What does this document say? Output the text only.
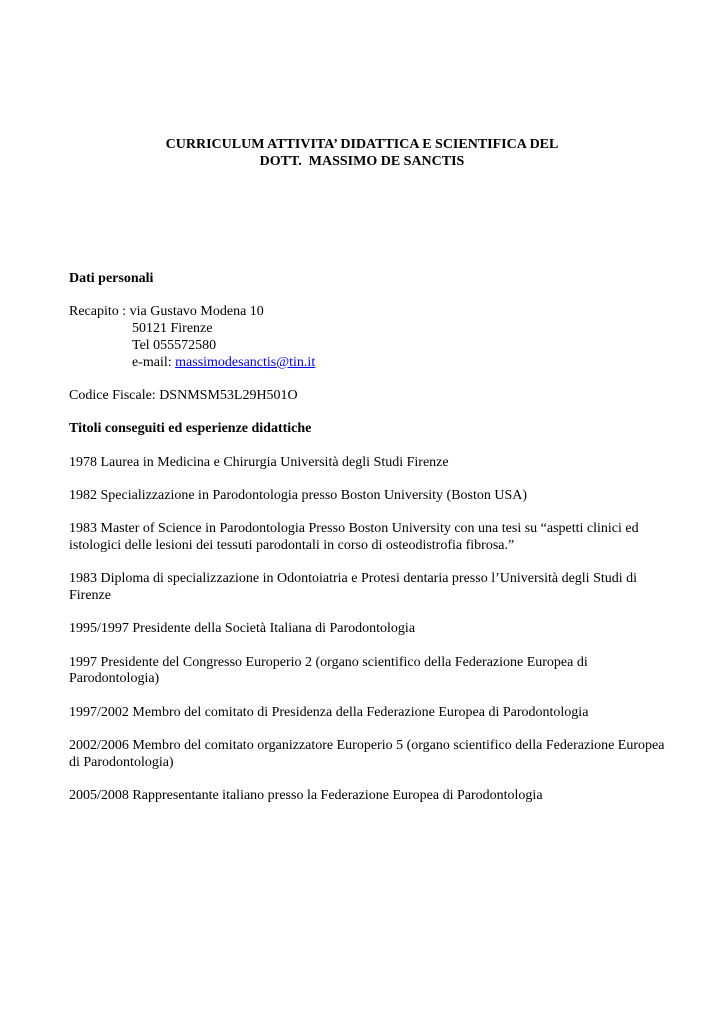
CURRICULUM ATTIVITA’ DIDATTICA E SCIENTIFICA DEL
DOTT.  MASSIMO DE SANCTIS

Dati personali

Recapito : via Gustavo Modena 10
50121 Firenze
Tel 055572580
e-mail: massimodesanctis@tin.it

Codice Fiscale: DSNMSM53L29H501O

Titoli conseguiti ed esperienze didattiche

1978 Laurea in Medicina e Chirurgia Università degli Studi Firenze

1982 Specializzazione in Parodontologia presso Boston University (Boston USA)

1983 Master of Science in Parodontologia Presso Boston University con una tesi su “aspetti clinici ed istologici delle lesioni dei tessuti parodontali in corso di osteodistrofia fibrosa.”

1983 Diploma di specializzazione in Odontoiatria e Protesi dentaria presso l’Università degli Studi di Firenze

1995/1997 Presidente della Società Italiana di Parodontologia

1997 Presidente del Congresso Europerio 2 (organo scientifico della Federazione Europea di Parodontologia)

1997/2002 Membro del comitato di Presidenza della Federazione Europea di Parodontologia

2002/2006 Membro del comitato organizzatore Europerio 5 (organo scientifico della Federazione Europea di Parodontologia)

2005/2008 Rappresentante italiano presso la Federazione Europea di Parodontologia
